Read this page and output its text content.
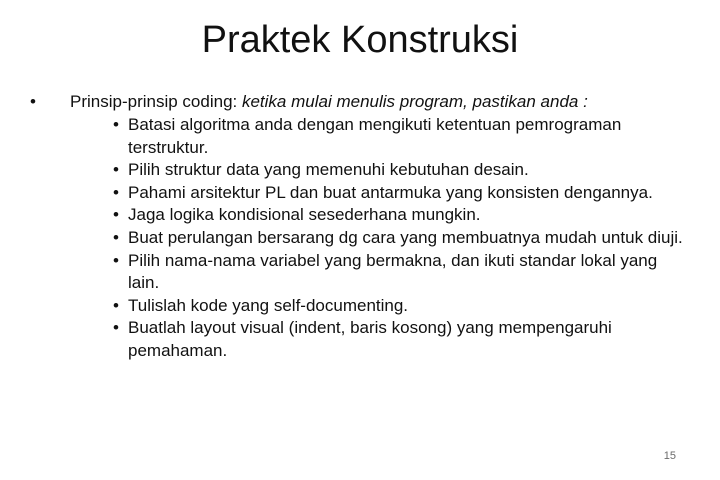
Praktek Konstruksi
• Prinsip-prinsip coding: ketika mulai menulis program, pastikan anda :
• Batasi algoritma anda dengan mengikuti ketentuan pemrograman terstruktur.
• Pilih struktur data yang memenuhi kebutuhan desain.
• Pahami arsitektur PL dan buat antarmuka yang konsisten dengannya.
• Jaga logika kondisional sesederhana mungkin.
• Buat perulangan bersarang dg cara yang membuatnya mudah untuk diuji.
• Pilih nama-nama variabel yang bermakna, dan ikuti standar lokal yang lain.
• Tulislah kode yang self-documenting.
• Buatlah layout visual (indent, baris kosong) yang mempengaruhi pemahaman.
15
